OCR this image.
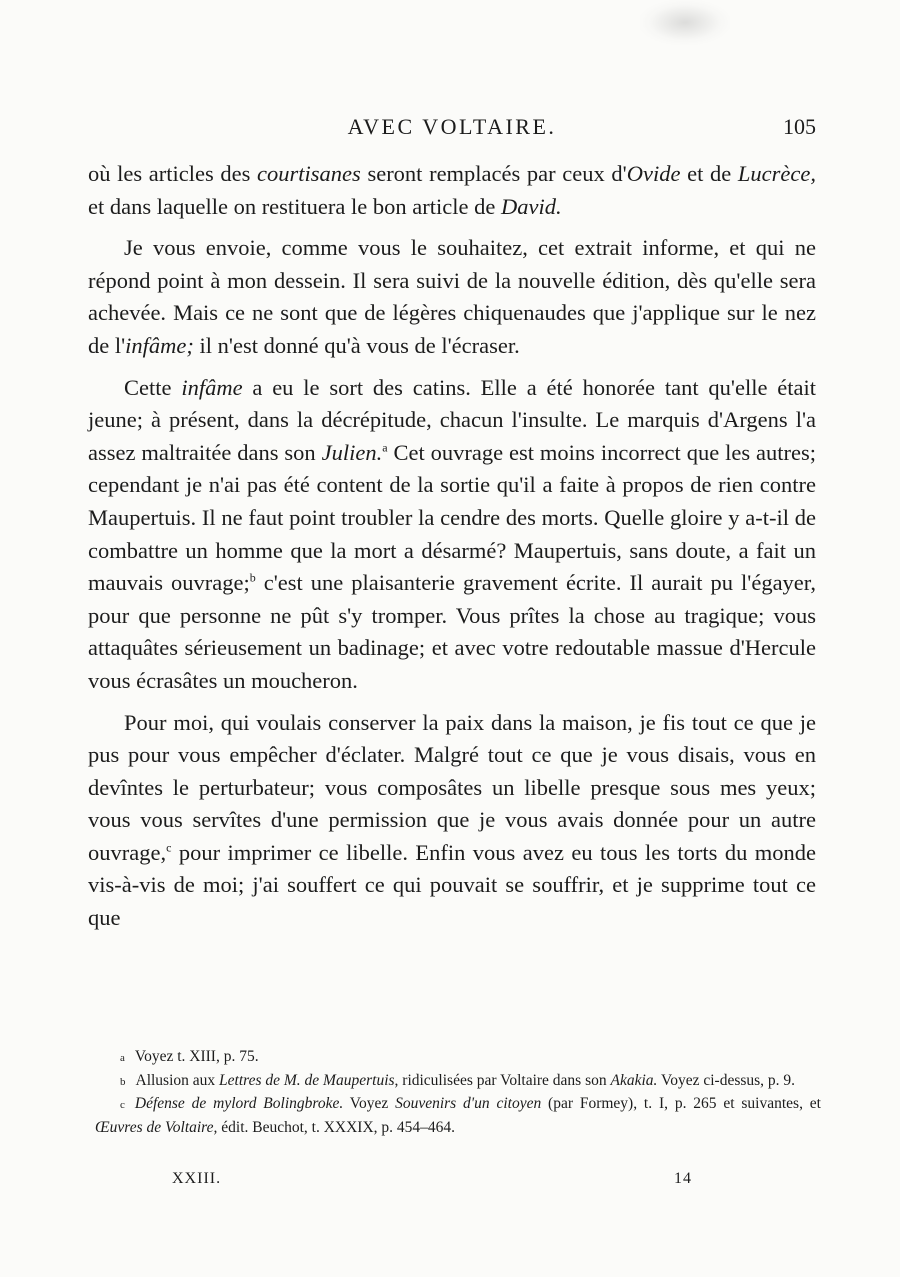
AVEC VOLTAIRE.	105

où les articles des courtisanes seront remplacés par ceux d'Ovide et de Lucrèce, et dans laquelle on restituera le bon article de David.

Je vous envoie, comme vous le souhaitez, cet extrait informe, et qui ne répond point à mon dessein. Il sera suivi de la nouvelle édition, dès qu'elle sera achevée. Mais ce ne sont que de légères chiquenaudes que j'applique sur le nez de l'infâme; il n'est donné qu'à vous de l'écraser.

Cette infâme a eu le sort des catins. Elle a été honorée tant qu'elle était jeune; à présent, dans la décrépitude, chacun l'insulte. Le marquis d'Argens l'a assez maltraitée dans son Julien.$^a$ Cet ouvrage est moins incorrect que les autres; cependant je n'ai pas été content de la sortie qu'il a faite à propos de rien contre Maupertuis. Il ne faut point troubler la cendre des morts. Quelle gloire y a-t-il de combattre un homme que la mort a désarmé? Maupertuis, sans doute, a fait un mauvais ouvrage;$^b$ c'est une plaisanterie gravement écrite. Il aurait pu l'égayer, pour que personne ne pût s'y tromper. Vous prîtes la chose au tragique; vous attaquâtes sérieusement un badinage; et avec votre redoutable massue d'Hercule vous écrasâtes un moucheron.

Pour moi, qui voulais conserver la paix dans la maison, je fis tout ce que je pus pour vous empêcher d'éclater. Malgré tout ce que je vous disais, vous en devîntes le perturbateur; vous composâtes un libelle presque sous mes yeux; vous vous servîtes d'une permission que je vous avais donnée pour un autre ouvrage,$^c$ pour imprimer ce libelle. Enfin vous avez eu tous les torts du monde vis-à-vis de moi; j'ai souffert ce qui pouvait se souffrir, et je supprime tout ce que

a Voyez t. XIII, p. 75.

b Allusion aux Lettres de M. de Maupertuis, ridiculisées par Voltaire dans son Akakia. Voyez ci-dessus, p. 9.

c Défense de mylord Bolingbroke. Voyez Souvenirs d'un citoyen (par Formey), t. I, p. 265 et suivantes, et Œuvres de Voltaire, édit. Beuchot, t. XXXIX, p. 454–464.

XXIII.	14
